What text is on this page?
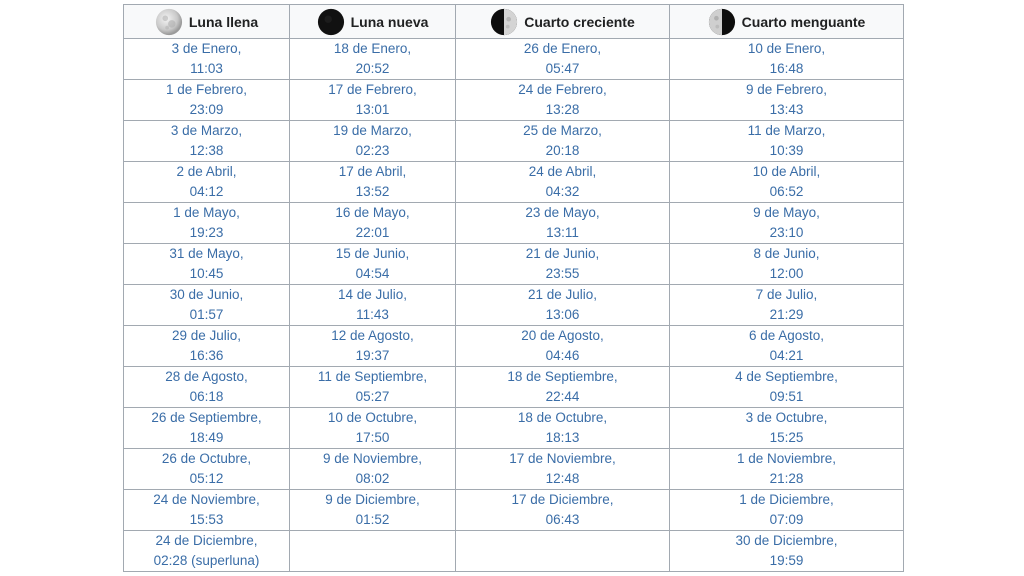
Luna llena	Luna nueva	Cuarto creciente	Cuarto menguante

3 de Enero,
11:03	18 de Enero,
20:52	26 de Enero,
05:47	10 de Enero,
16:48

1 de Febrero,
23:09	17 de Febrero,
13:01	24 de Febrero,
13:28	9 de Febrero,
13:43

3 de Marzo,
12:38	19 de Marzo,
02:23	25 de Marzo,
20:18	11 de Marzo,
10:39

2 de Abril,
04:12	17 de Abril,
13:52	24 de Abril,
04:32	10 de Abril,
06:52

1 de Mayo,
19:23	16 de Mayo,
22:01	23 de Mayo,
13:11	9 de Mayo,
23:10

31 de Mayo,
10:45	15 de Junio,
04:54	21 de Junio,
23:55	8 de Junio,
12:00

30 de Junio,
01:57	14 de Julio,
11:43	21 de Julio,
13:06	7 de Julio,
21:29

29 de Julio,
16:36	12 de Agosto,
19:37	20 de Agosto,
04:46	6 de Agosto,
04:21

28 de Agosto,
06:18	11 de Septiembre,
05:27	18 de Septiembre,
22:44	4 de Septiembre,
09:51

26 de Septiembre,
18:49	10 de Octubre,
17:50	18 de Octubre,
18:13	3 de Octubre,
15:25

26 de Octubre,
05:12	9 de Noviembre,
08:02	17 de Noviembre,
12:48	1 de Noviembre,
21:28

24 de Noviembre,
15:53	9 de Diciembre,
01:52	17 de Diciembre,
06:43	1 de Diciembre,
07:09

24 de Diciembre,
02:28 (superluna)			30 de Diciembre,
19:59
